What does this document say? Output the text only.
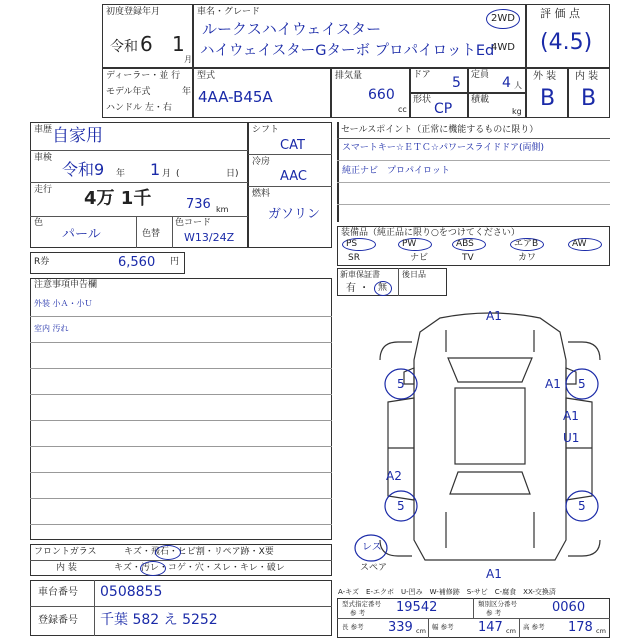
初度登録年月
令和 6 1
月
車名・グレード
ルークスハイウェイスター
ハイウェイスターGターボ プロパイロットEd
2WD
4WD
評 価 点
(4.5)
ディーラー・並 行
モデル年式	年
ハンドル 左・右
型式
4AA-B45A
排気量
660
cc
ドア 5 定員 4 人
形状
CP
積載
kg
外 装
B
内 装
B
車歴 自家用
車検
令和9 年 1 月 (	日)
走行 4万 1千	736 km
色
パール	色替
色コード
W13/24Z
シフト
CAT
冷房
AAC
燃料
ガソリン
R券	6,560 円
セールスポイント（正常に機能するものに限り）
スマートキー☆ＥＴＣ☆パワースライドドア(両側)
純正ナビ　プロパイロット
装備品（純正品に限り○をつけてください）
PS	PW	ABS	エアB	AW
SR	ナビ	TV	カワ
新車保証書	後日品
有 ・ 無
注意事項申告欄
外装 小Ａ・小Ｕ
室内 汚れ
A1
5	A1 5
A1
U1
A2
5	5
A1
レス
スペア
A-キズ　E-エクボ　U-凹み　W-補修跡　S-サビ　C-腐食　XX-交換済
フロントガラス	キズ・飛石・ヒビ割・リペア跡・X要
内 装	キズ・汚レ・コゲ・穴・スレ・キレ・破レ
車台番号 0508855
登録番号 千葉 582 え 5252
型式指定番号
参 考 19542	類別区分番号
参 考	0060
長 参考 339 cm 幅 参考 147 cm 高 参考 178 cm
